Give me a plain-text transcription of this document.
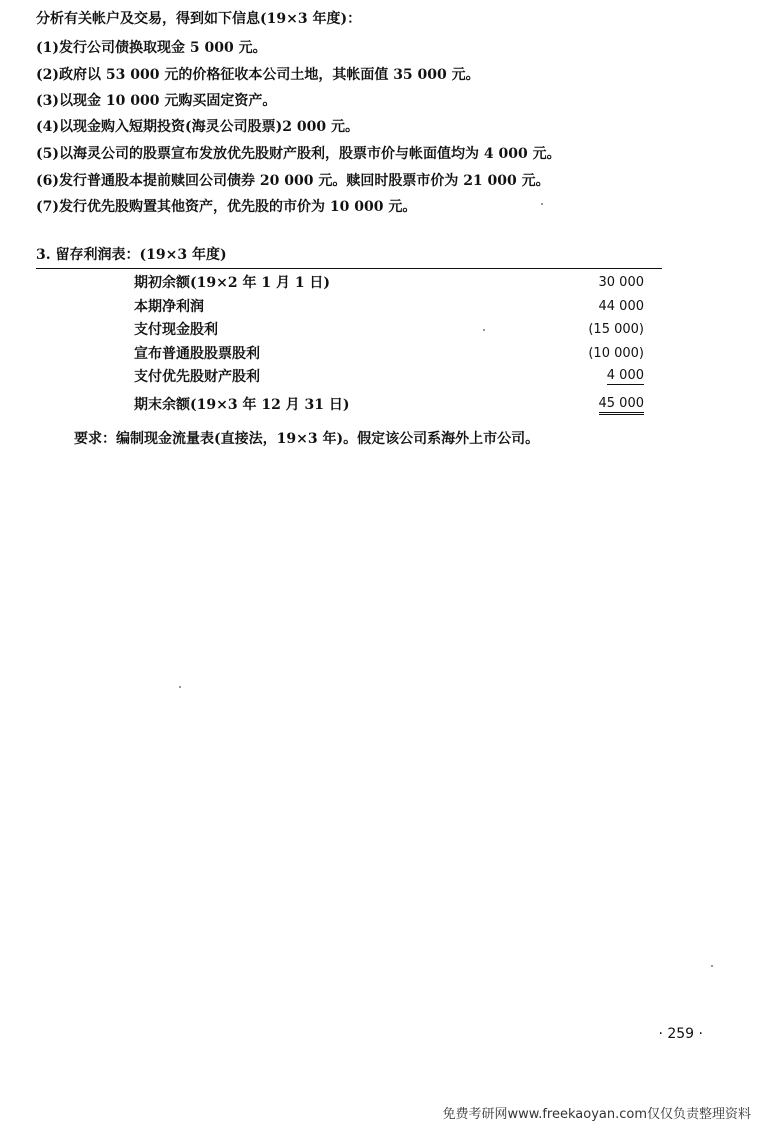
分析有关帐户及交易，得到如下信息(19×3 年度)：
(1)发行公司债换取现金 5 000 元。
(2)政府以 53 000 元的价格征收本公司土地，其帐面值 35 000 元。
(3)以现金 10 000 元购买固定资产。
(4)以现金购入短期投资(海灵公司股票)2 000 元。
(5)以海灵公司的股票宣布发放优先股财产股利，股票市价与帐面值均为 4 000 元。
(6)发行普通股本提前赎回公司债券 20 000 元。赎回时股票市价为 21 000 元。
(7)发行优先股购置其他资产，优先股的市价为 10 000 元。
3. 留存利润表：(19×3 年度)
期初余额(19×2 年 1 月 1 日)	30 000
本期净利润	44 000
支付现金股利	(15 000)
宣布普通股股票股利	(10 000)
支付优先股财产股利	4 000
期末余额(19×3 年 12 月 31 日)	45 000
要求：编制现金流量表(直接法，19×3 年)。假定该公司系海外上市公司。
· 259 ·
免费考研网www.freekaoyan.com仅仅负责整理资料
